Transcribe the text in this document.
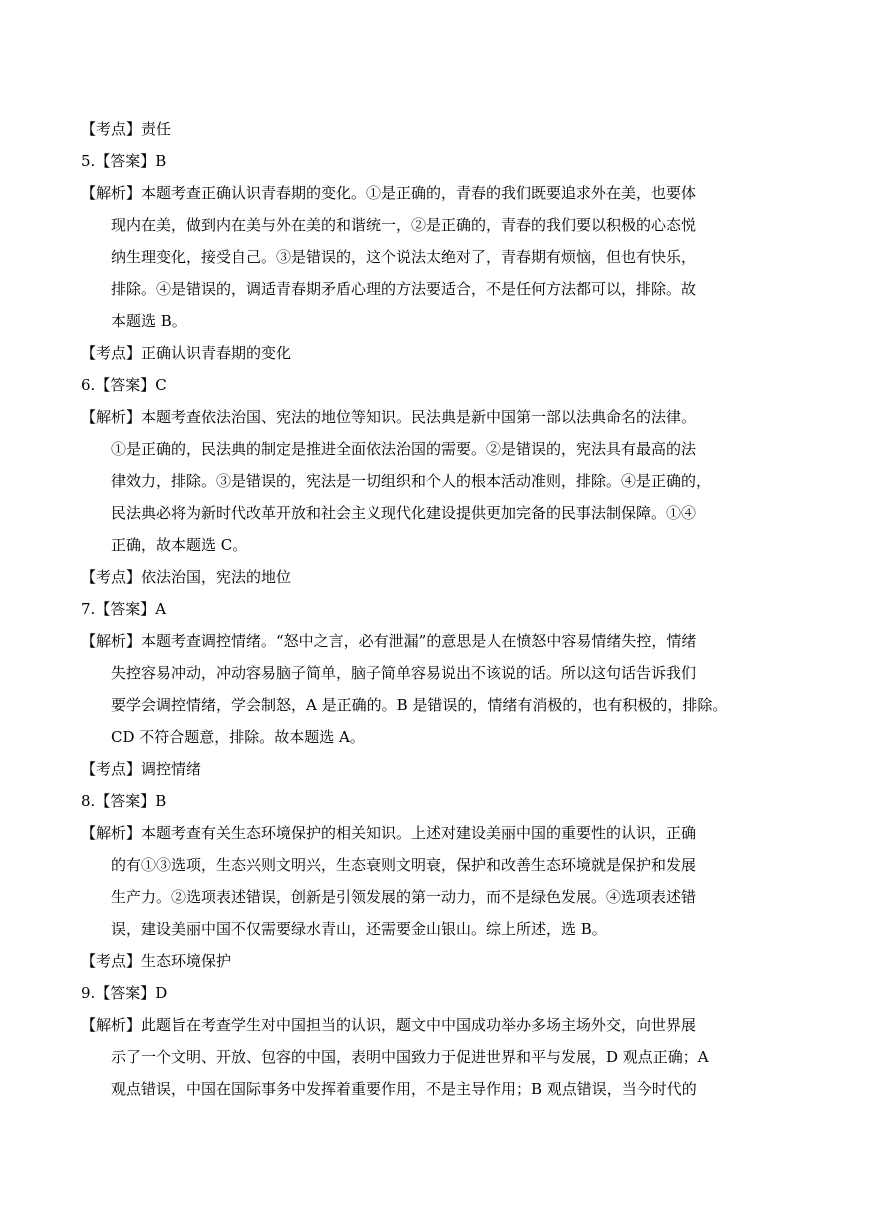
【考点】责任
5.【答案】B
【解析】本题考查正确认识青春期的变化。①是正确的，青春的我们既要追求外在美，也要体
现内在美，做到内在美与外在美的和谐统一，②是正确的，青春的我们要以积极的心态悦
纳生理变化，接受自己。③是错误的，这个说法太绝对了，青春期有烦恼，但也有快乐，
排除。④是错误的，调适青春期矛盾心理的方法要适合，不是任何方法都可以，排除。故
本题选 B。
【考点】正确认识青春期的变化
6.【答案】C
【解析】本题考查依法治国、宪法的地位等知识。民法典是新中国第一部以法典命名的法律。
①是正确的，民法典的制定是推进全面依法治国的需要。②是错误的，宪法具有最高的法
律效力，排除。③是错误的，宪法是一切组织和个人的根本活动准则，排除。④是正确的，
民法典必将为新时代改革开放和社会主义现代化建设提供更加完备的民事法制保障。①④
正确，故本题选 C。
【考点】依法治国，宪法的地位
7.【答案】A
【解析】本题考查调控情绪。“怒中之言，必有泄漏”的意思是人在愤怒中容易情绪失控，情绪
失控容易冲动，冲动容易脑子简单，脑子简单容易说出不该说的话。所以这句话告诉我们
要学会调控情绪，学会制怒，A 是正确的。B 是错误的，情绪有消极的，也有积极的，排除。
CD 不符合题意，排除。故本题选 A。
【考点】调控情绪
8.【答案】B
【解析】本题考查有关生态环境保护的相关知识。上述对建设美丽中国的重要性的认识，正确
的有①③选项，生态兴则文明兴，生态衰则文明衰，保护和改善生态环境就是保护和发展
生产力。②选项表述错误，创新是引领发展的第一动力，而不是绿色发展。④选项表述错
误，建设美丽中国不仅需要绿水青山，还需要金山银山。综上所述，选 B。
【考点】生态环境保护
9.【答案】D
【解析】此题旨在考查学生对中国担当的认识，题文中中国成功举办多场主场外交，向世界展
示了一个文明、开放、包容的中国，表明中国致力于促进世界和平与发展，D 观点正确；A
观点错误，中国在国际事务中发挥着重要作用，不是主导作用；B 观点错误，当今时代的
